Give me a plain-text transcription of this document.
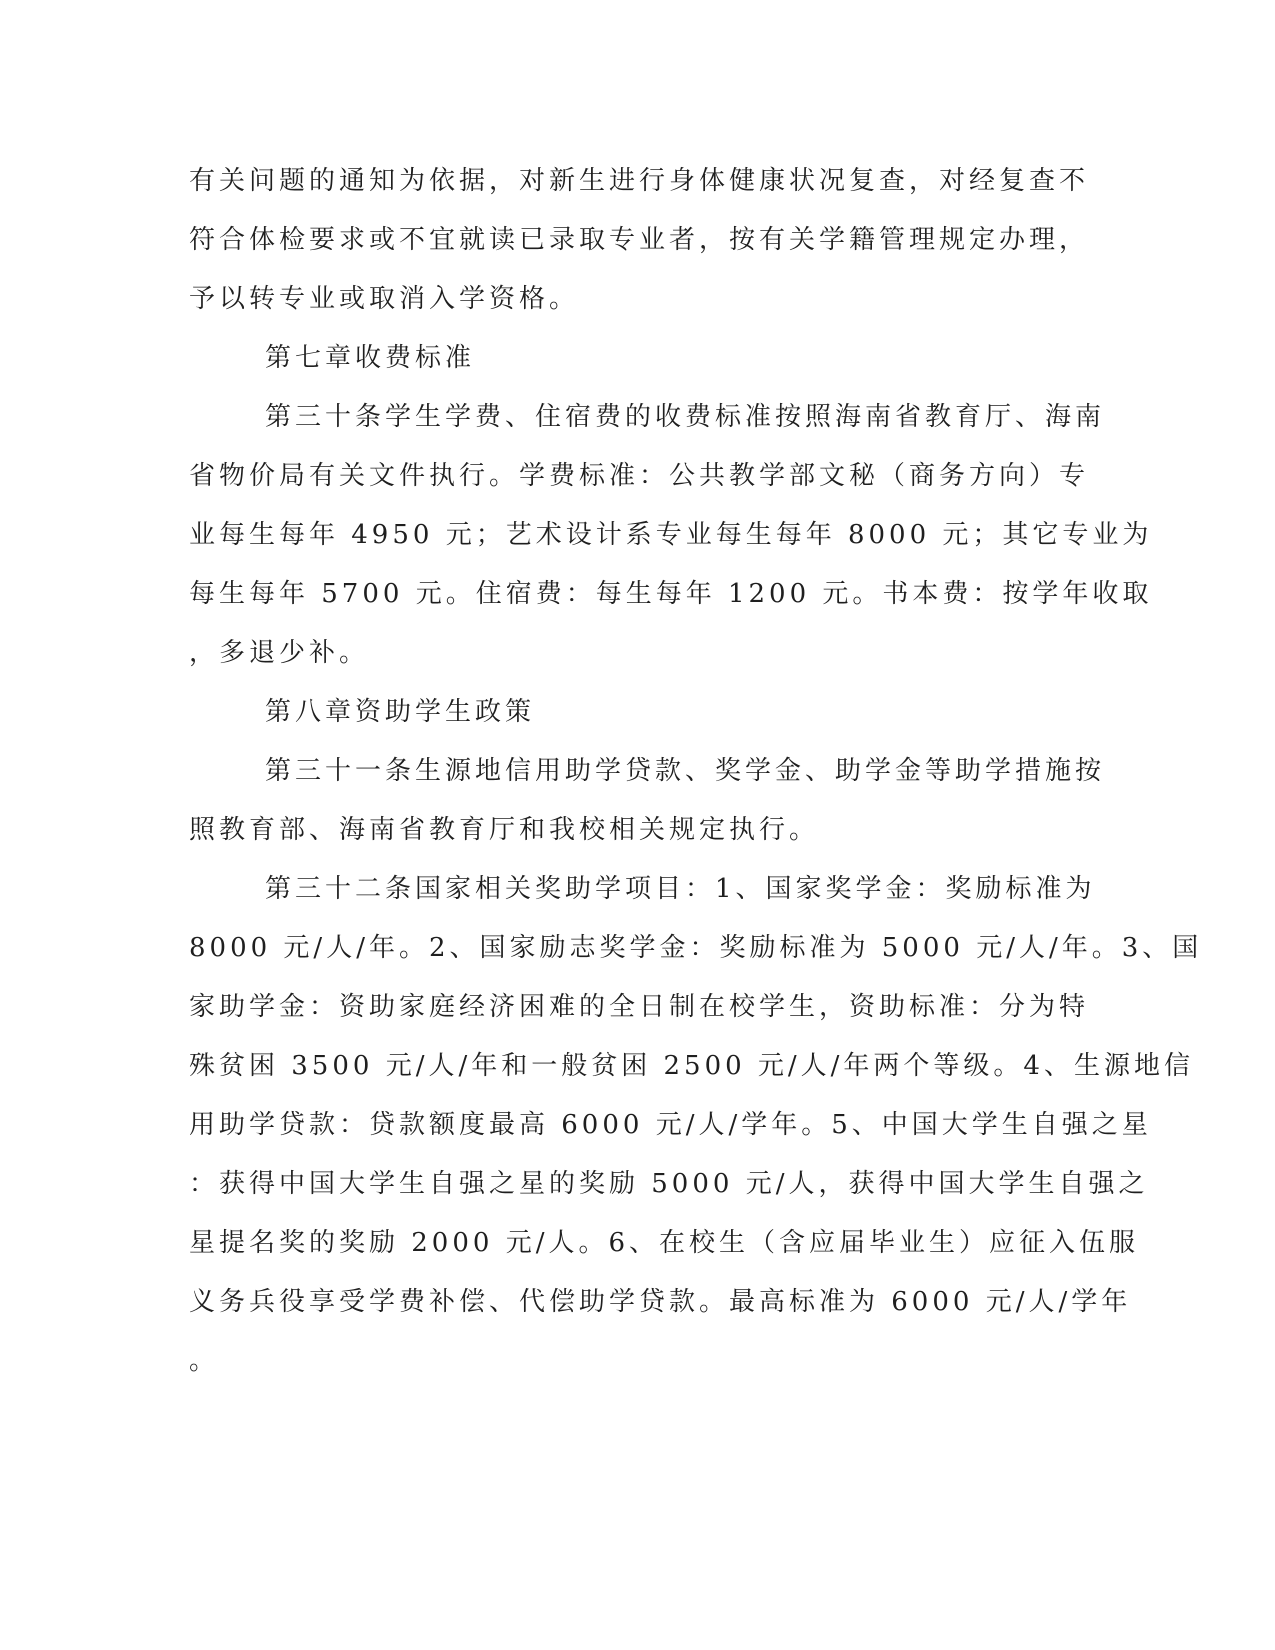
有关问题的通知为依据，对新生进行身体健康状况复查，对经复查不
符合体检要求或不宜就读已录取专业者，按有关学籍管理规定办理，
予以转专业或取消入学资格。
第七章收费标准
第三十条学生学费、住宿费的收费标准按照海南省教育厅、海南
省物价局有关文件执行。学费标准：公共教学部文秘（商务方向）专
业每生每年 4950 元；艺术设计系专业每生每年 8000 元；其它专业为
每生每年 5700 元。住宿费：每生每年 1200 元。书本费：按学年收取
，多退少补。
第八章资助学生政策
第三十一条生源地信用助学贷款、奖学金、助学金等助学措施按
照教育部、海南省教育厅和我校相关规定执行。
第三十二条国家相关奖助学项目：1、国家奖学金：奖励标准为
8000 元/人/年。2、国家励志奖学金：奖励标准为 5000 元/人/年。3、国
家助学金：资助家庭经济困难的全日制在校学生，资助标准：分为特
殊贫困 3500 元/人/年和一般贫困 2500 元/人/年两个等级。4、生源地信
用助学贷款：贷款额度最高 6000 元/人/学年。5、中国大学生自强之星
：获得中国大学生自强之星的奖励 5000 元/人，获得中国大学生自强之
星提名奖的奖励 2000 元/人。6、在校生（含应届毕业生）应征入伍服
义务兵役享受学费补偿、代偿助学贷款。最高标准为 6000 元/人/学年
。
